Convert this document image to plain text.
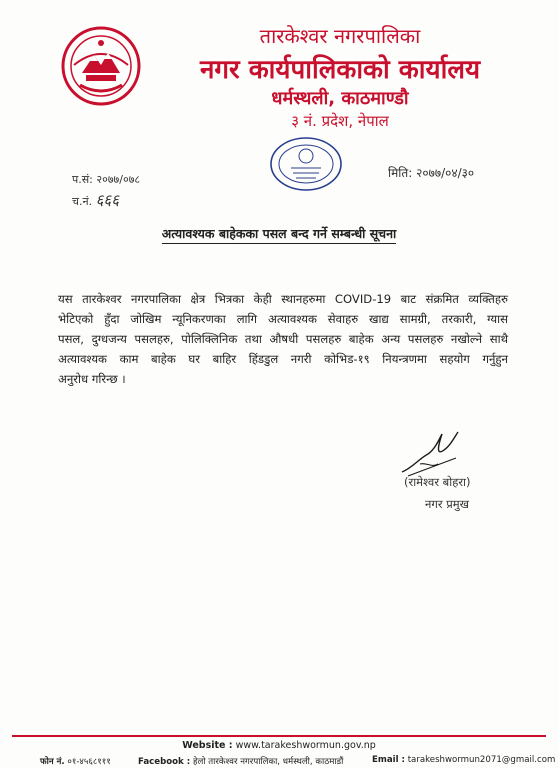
तारकेश्वर नगरपालिका
नगर कार्यपालिकाको कार्यालय
धर्मस्थली, काठमाण्डौ
३ नं. प्रदेश, नेपाल
प.सं: २०७७/०७८
च.नं. ६६६
मिति: २०७७/०४/३०
अत्यावश्यक बाहेकका पसल बन्द गर्ने सम्बन्धी सूचना
यस तारकेश्वर नगरपालिका क्षेत्र भित्रका केही स्थानहरुमा COVID-19 बाट संक्रमित व्यक्तिहरु
भेटिएको हुँदा जोखिम न्यूनिकरणका लागि अत्यावश्यक सेवाहरु खाद्य सामग्री, तरकारी, ग्यास
पसल, दुग्धजन्य पसलहरु, पोलिक्लिनिक तथा औषधी पसलहरु बाहेक अन्य पसलहरु नखोल्ने साथै
अत्यावश्यक काम बाहेक घर बाहिर हिंडडुल नगरी कोभिड-१९ नियन्त्रणमा सहयोग गर्नुहुन
अनुरोध गरिन्छ ।
(रामेश्वर बोहरा)
नगर प्रमुख
Website : www.tarakeshwormun.gov.np
फोन नं. ०१-४५६८१११	Facebook : हेलो तारकेश्वर नगरपालिका, धर्मस्थली, काठमाडौं	Email : tarakeshwormun2071@gmail.com
